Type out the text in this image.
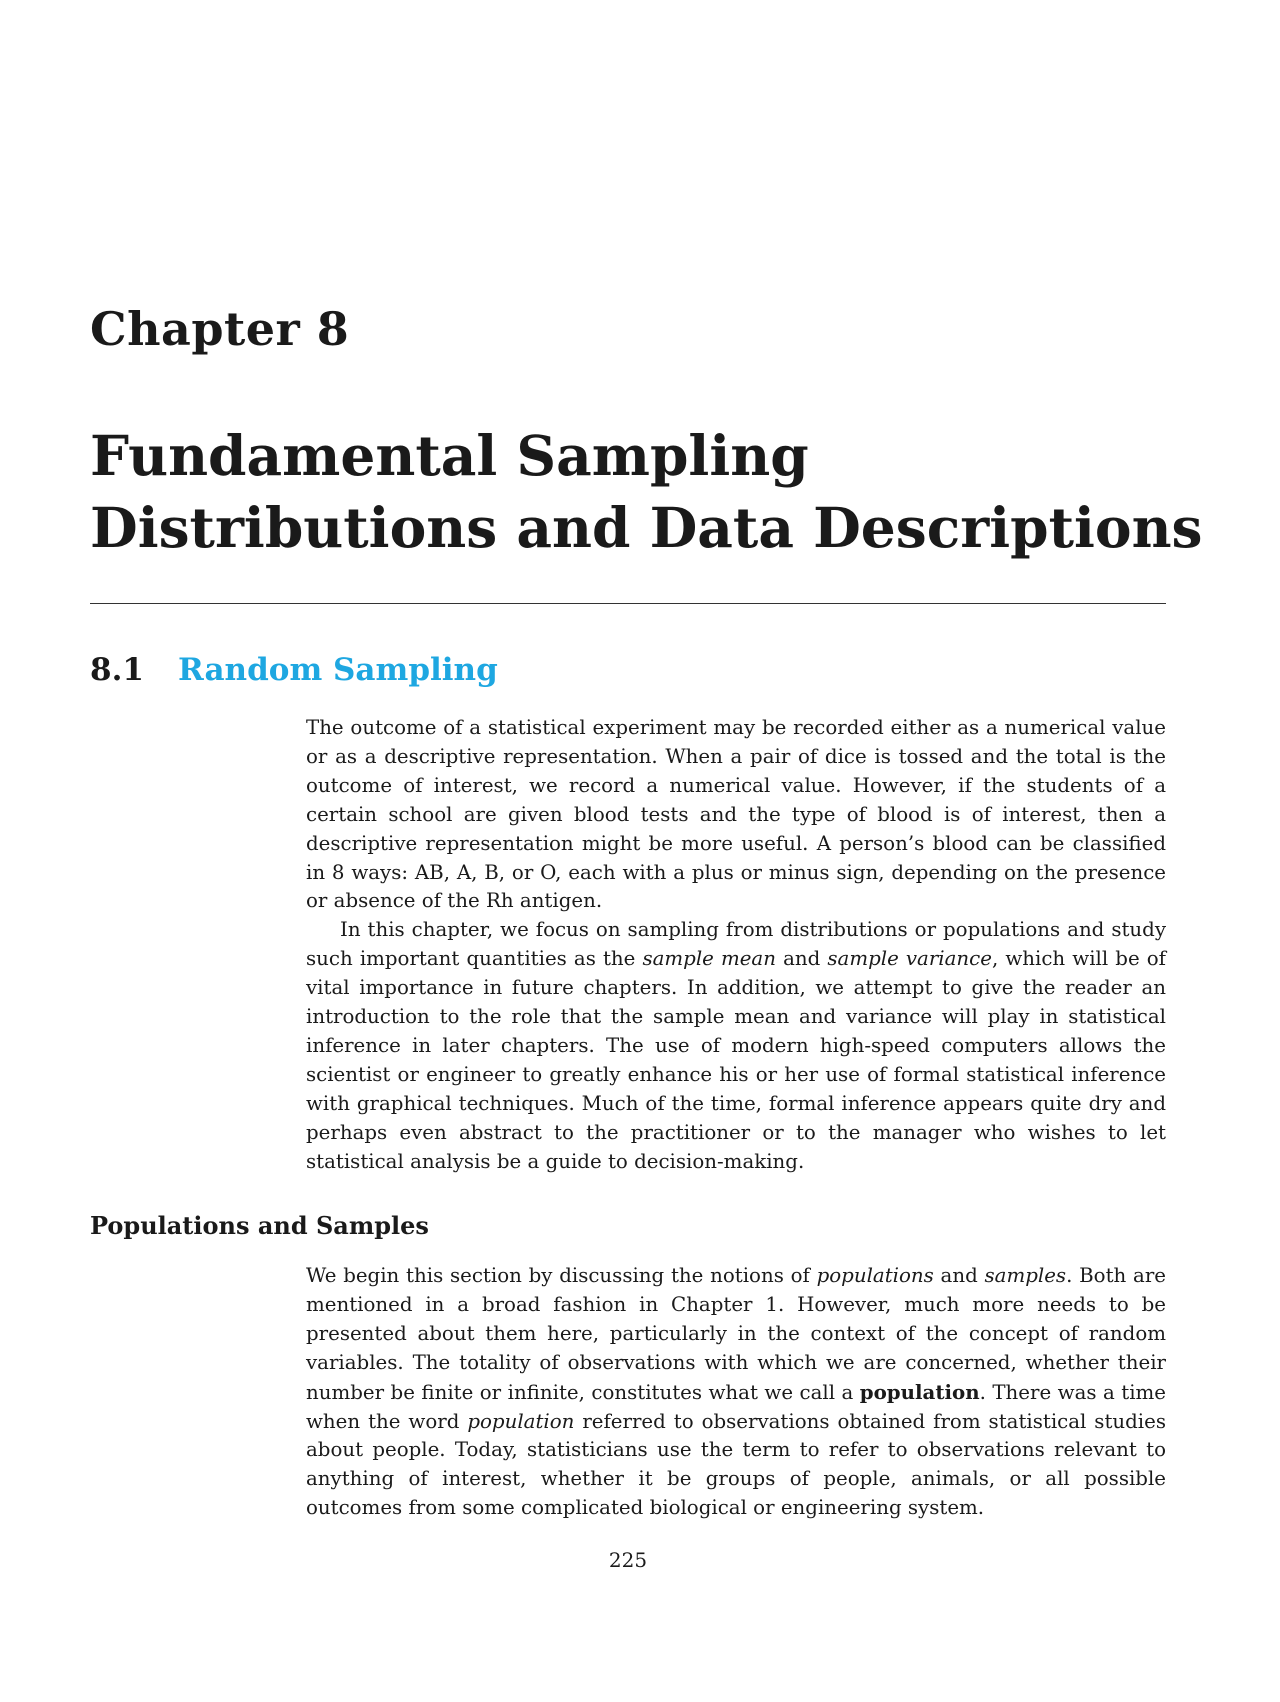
Chapter 8
Fundamental Sampling
Distributions and Data Descriptions
8.1 Random Sampling

The outcome of a statistical experiment may be recorded either as a numerical value or as a descriptive representation. When a pair of dice is tossed and the total is the outcome of interest, we record a numerical value. However, if the students of a certain school are given blood tests and the type of blood is of interest, then a descriptive representation might be more useful. A person’s blood can be classified in 8 ways: AB, A, B, or O, each with a plus or minus sign, depending on the presence or absence of the Rh antigen.

In this chapter, we focus on sampling from distributions or populations and study such important quantities as the sample mean and sample variance, which will be of vital importance in future chapters. In addition, we attempt to give the reader an introduction to the role that the sample mean and variance will play in statistical inference in later chapters. The use of modern high-speed computers allows the scientist or engineer to greatly enhance his or her use of formal statistical inference with graphical techniques. Much of the time, formal inference appears quite dry and perhaps even abstract to the practitioner or to the manager who wishes to let statistical analysis be a guide to decision-making.

Populations and Samples

We begin this section by discussing the notions of populations and samples. Both are mentioned in a broad fashion in Chapter 1. However, much more needs to be presented about them here, particularly in the context of the concept of random variables. The totality of observations with which we are concerned, whether their number be finite or infinite, constitutes what we call a population. There was a time when the word population referred to observations obtained from statistical studies about people. Today, statisticians use the term to refer to observations relevant to anything of interest, whether it be groups of people, animals, or all possible outcomes from some complicated biological or engineering system.

225
